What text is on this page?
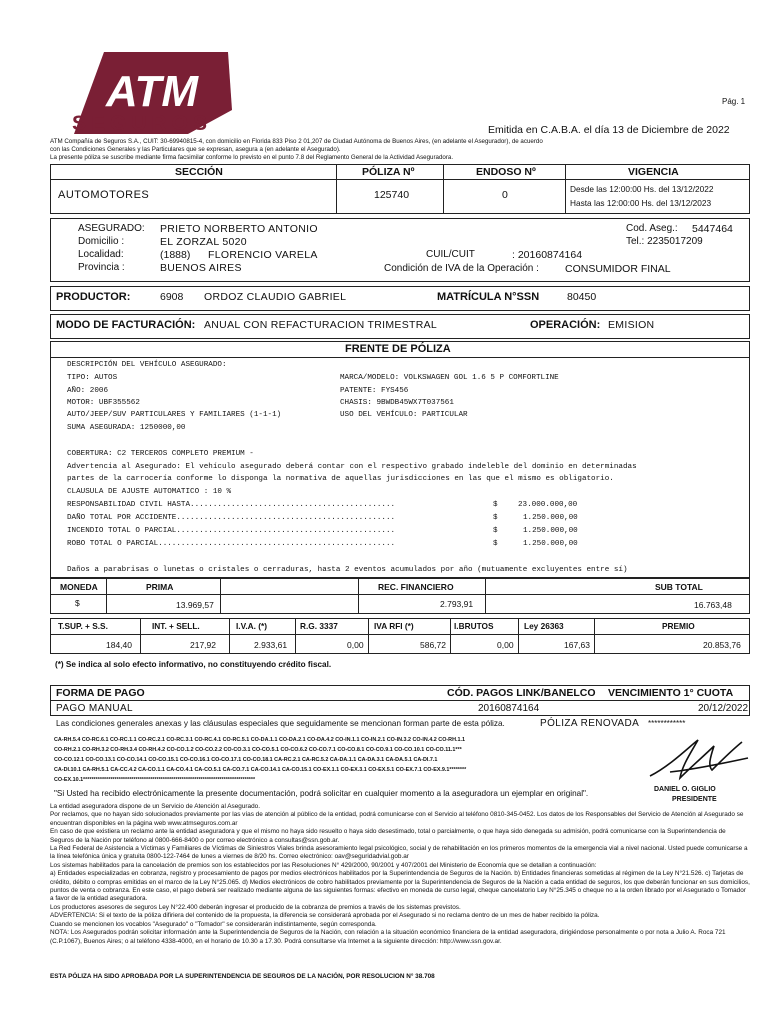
ATM
SEGUROS
Pág. 1
Emitida en C.A.B.A. el día 13 de Diciembre de 2022
ATM Compañía de Seguros S.A., CUIT: 30-69940815-4, con domicilio en Florida 833 Piso 2 01,207 de Ciudad Autónoma de Buenos Aires, (en adelante el Asegurador), de acuerdo
con las Condiciones Generales y las Particulares que se expresan, asegura a (en adelante el Asegurado).
La presente póliza se suscribe mediante firma facsimilar conforme lo previsto en el punto 7.8 del Reglamento General de la Actividad Aseguradora.
SECCIÓN	PÓLIZA Nº	ENDOSO Nº	VIGENCIA
AUTOMOTORES	125740	0	Desde las 12:00:00 Hs. del 13/12/2022
Hasta las 12:00:00 Hs. del 13/12/2023
ASEGURADO: PRIETO NORBERTO ANTONIO
Domicilio :	EL ZORZAL 5020
Localidad:	(1888) FLORENCIO VARELA
Provincia :	BUENOS AIRES
Cod. Aseg.: 5447464
Tel.: 2235017209
CUIL/CUIT	: 20160874164
Condición de IVA de la Operación : CONSUMIDOR FINAL
PRODUCTOR:	6908 ORDOZ CLAUDIO GABRIEL	MATRÍCULA N°SSN	80450
MODO DE FACTURACIÓN: ANUAL CON REFACTURACION TRIMESTRAL	OPERACIÓN: EMISION
FRENTE DE PÓLIZA
DESCRIPCIÓN DEL VEHÍCULO ASEGURADO:
TIPO: AUTOS
AÑO: 2006
MOTOR: UBF355562
AUTO/JEEP/SUV PARTICULARES Y FAMILIARES (1-1-1)
SUMA ASEGURADA: 1250000,00
MARCA/MODELO: VOLKSWAGEN GOL 1.6 5 P COMFORTLINE
PATENTE: FYS456
CHASIS: 9BWDB45WX7T037561
USO DEL VEHÍCULO: PARTICULAR
COBERTURA: C2 TERCEROS COMPLETO PREMIUM -
Advertencia al Asegurado: El vehículo asegurado deberá contar con el respectivo grabado indeleble del dominio en determinadas
partes de la carrocería conforme lo disponga la normativa de aquellas jurisdicciones en las que el mismo es obligatorio.
CLAUSULA DE AJUSTE AUTOMATICO : 10 %
RESPONSABILIDAD CIVIL HASTA.............................................	$	23.000.000,00
DAÑO TOTAL POR ACCIDENTE................................................	$	1.250.000,00
INCENDIO TOTAL O PARCIAL................................................	$	1.250.000,00
ROBO TOTAL O PARCIAL....................................................	$	1.250.000,00
Daños a parabrisas o lunetas o cristales o cerraduras, hasta 2 eventos acumulados por año (mutuamente excluyentes entre sí)
MONEDA	PRIMA	REC. FINANCIERO	SUB TOTAL
$	13.969,57	2.793,91	16.763,48
T.SUP. + S.S.	INT. + SELL.	I.V.A. (*)	R.G. 3337	IVA RFI (*)	I.BRUTOS	Ley 26363	PREMIO
184,40	217,92	2.933,61	0,00	586,72	0,00	167,63	20.853,76
(*) Se indica al solo efecto informativo, no constituyendo crédito fiscal.
FORMA DE PAGO	CÓD. PAGOS LINK/BANELCO VENCIMIENTO 1° CUOTA
PAGO MANUAL	20160874164	20/12/2022
Las condiciones generales anexas y las cláusulas especiales que seguidamente se mencionan forman parte de esta póliza.	PÓLIZA RENOVADA ************
CA-RH.5.4 CO-RC.6.1 CO-RC.1.1 CO-RC.2.1 CO-RC.3.1 CO-RC.4.1 CO-RC.5.1 CO-DA.1.1 CO-DA.2.1 CO-DA.4.2 CO-IN.1.1 CO-IN.2.1 CO-IN.3.2 CO-IN.4.2 CO-RH.1.1
CO-RH.2.1 CO-RH.3.2 CO-RH.3.4 CO-RH.4.2 CO-CO.1.2 CO-CO.2.2 CO-CO.3.1 CO-CO.5.1 CO-CO.6.2 CO-CO.7.1 CO-CO.8.1 CO-CO.9.1 CO-CO.10.1 CO-CO.11.1***
CO-CO.12.1 CO-CO.13.1 CO-CO.14.1 CO-CO.15.1 CO-CO.16.1 CO-CO.17.1 CO-CO.18.1 CA-RC.2.1 CA-RC.5.2 CA-DA.1.1 CA-DA.3.1 CA-DA.5.1 CA-DI.7.1
CA-DI.10.1 CA-RH.5.1 CA-CC.4.2 CA-CO.1.1 CA-CO.4.1 CA-CO.5.1 CA-CO.7.1 CA-CO.14.1 CA-CO.15.1 CO-EX.1.1 CO-EX.3.1 CO-EX.5.1 CO-EX.7.1 CO-EX.9.1********
CO-EX.10.1**********************************************************************************
"Si Usted ha recibido electrónicamente la presente documentación, podrá solicitar en cualquier momento a la aseguradora un ejemplar en original".	DANIEL O. GIGLIO
PRESIDENTE
La entidad aseguradora dispone de un Servicio de Atención al Asegurado.
Por reclamos, que no hayan sido solucionados previamente por las vías de atención al público de la entidad, podrá comunicarse con el Servicio al teléfono 0810-345-0452. Los datos de los Responsables del Servicio de Atención al Asegurado se encuentran disponibles en la página web www.atmseguros.com.ar
En caso de que existiera un reclamo ante la entidad aseguradora y que el mismo no haya sido resuelto o haya sido desestimado, total o parcialmente, o que haya sido denegada su admisión, podrá comunicarse con la Superintendencia de Seguros de la Nación por teléfono al 0800-666-8400 o por correo electrónico a consultas@ssn.gob.ar.
La Red Federal de Asistencia a Víctimas y Familiares de Víctimas de Siniestros Viales brinda asesoramiento legal psicológico, social y de rehabilitación en los primeros momentos de la emergencia vial a nivel nacional. Usted puede comunicarse a la línea telefónica única y gratuita 0800-122-7464 de lunes a viernes de 8/20 hs. Correo electrónico: oav@seguridadvial.gob.ar
Los sistemas habilitados para la cancelación de premios son los establecidos por las Resoluciones N° 429/2000, 90/2001 y 407/2001 del Ministerio de Economía que se detallan a continuación:
a) Entidades especializadas en cobranza, registro y procesamiento de pagos por medios electrónicos habilitados por la Superintendencia de Seguros de la Nación. b) Entidades financieras sometidas al régimen de la Ley N°21.526. c) Tarjetas de crédito, débito o compras emitidas en el marco de la Ley N°25.065. d) Medios electrónicos de cobro habilitados previamente por la Superintendencia de Seguros de la Nación a cada entidad de seguros, los que deberán funcionar en sus domicilios, puntos de venta o cobranza. En este caso, el pago deberá ser realizado mediante alguna de las siguientes formas: efectivo en moneda de curso legal, cheque cancelatorio Ley N°25.345 o cheque no a la orden librado por el Asegurado o Tomador a favor de la entidad aseguradora.
Los productores asesores de seguros Ley N°22.400 deberán ingresar el producido de la cobranza de premios a través de los sistemas previstos.
ADVERTENCIA: Si el texto de la póliza difiriera del contenido de la propuesta, la diferencia se considerará aprobada por el Asegurado si no reclama dentro de un mes de haber recibido la póliza.
Cuando se mencionen los vocablos "Asegurado" o "Tomador" se considerarán indistintamente, según corresponda.
NOTA: Los Asegurados podrán solicitar información ante la Superintendencia de Seguros de la Nación, con relación a la situación económico financiera de la entidad aseguradora, dirigiéndose personalmente o por nota a Julio A. Roca 721 (C.P.1067), Buenos Aires; o al teléfono 4338-4000, en el horario de 10.30 a 17.30. Podrá consultarse vía Internet a la siguiente dirección: http://www.ssn.gov.ar.
ESTA PÓLIZA HA SIDO APROBADA POR LA SUPERINTENDENCIA DE SEGUROS DE LA NACIÓN, POR RESOLUCION N° 38.708
